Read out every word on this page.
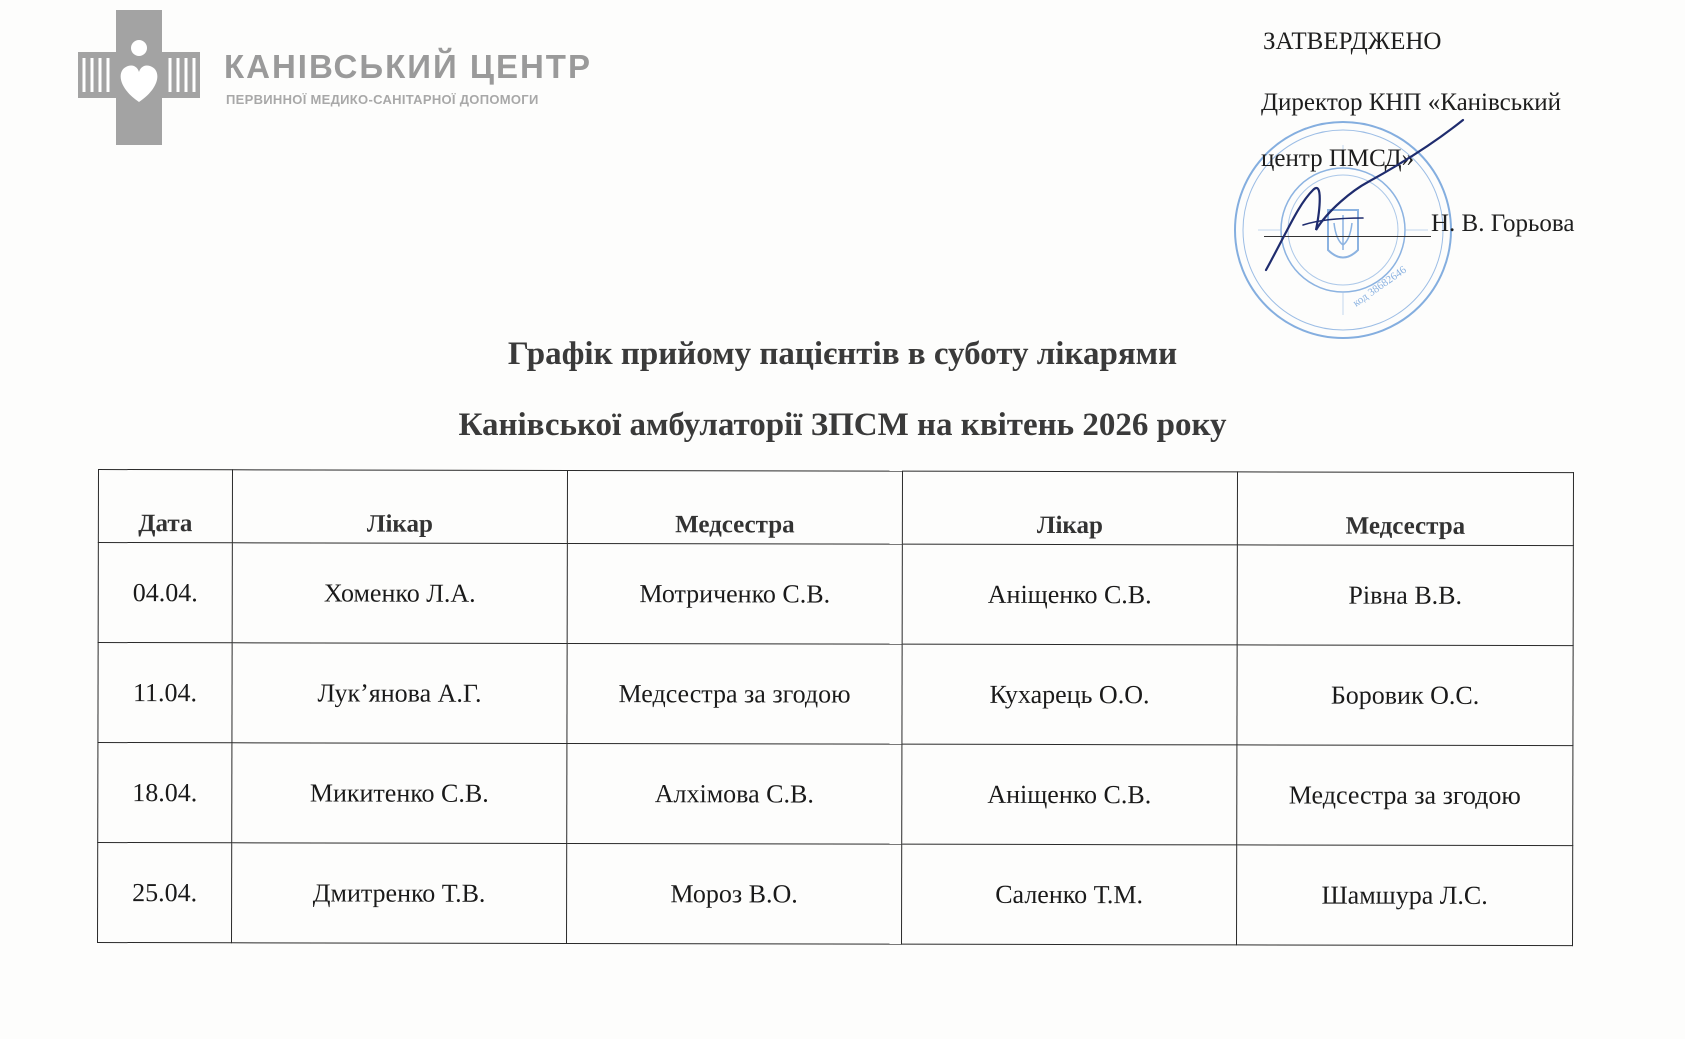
КАНІВСЬКИЙ ЦЕНТР
ПЕРВИННОЇ МЕДИКО-САНІТАРНОЇ ДОПОМОГИ
код 38682646
ЗАТВЕРДЖЕНО
Директор КНП «Канівський
центр ПМСД»
Н. В. Горьова
Графік прийому пацієнтів в суботу лікарями
Канівської амбулаторії ЗПСМ на квітень 2026 року
Дата	Лікар	Медсестра	Лікар	Медсестра
04.04.	Хоменко Л.А.	Мотриченко С.В.	Аніщенко С.В.	Рівна В.В.
11.04.	Лук’янова А.Г.	Медсестра за згодою	Кухарець О.О.	Боровик О.С.
18.04.	Микитенко С.В.	Алхімова С.В.	Аніщенко С.В.	Медсестра за згодою
25.04.	Дмитренко Т.В.	Мороз В.О.	Саленко Т.М.	Шамшура Л.С.
